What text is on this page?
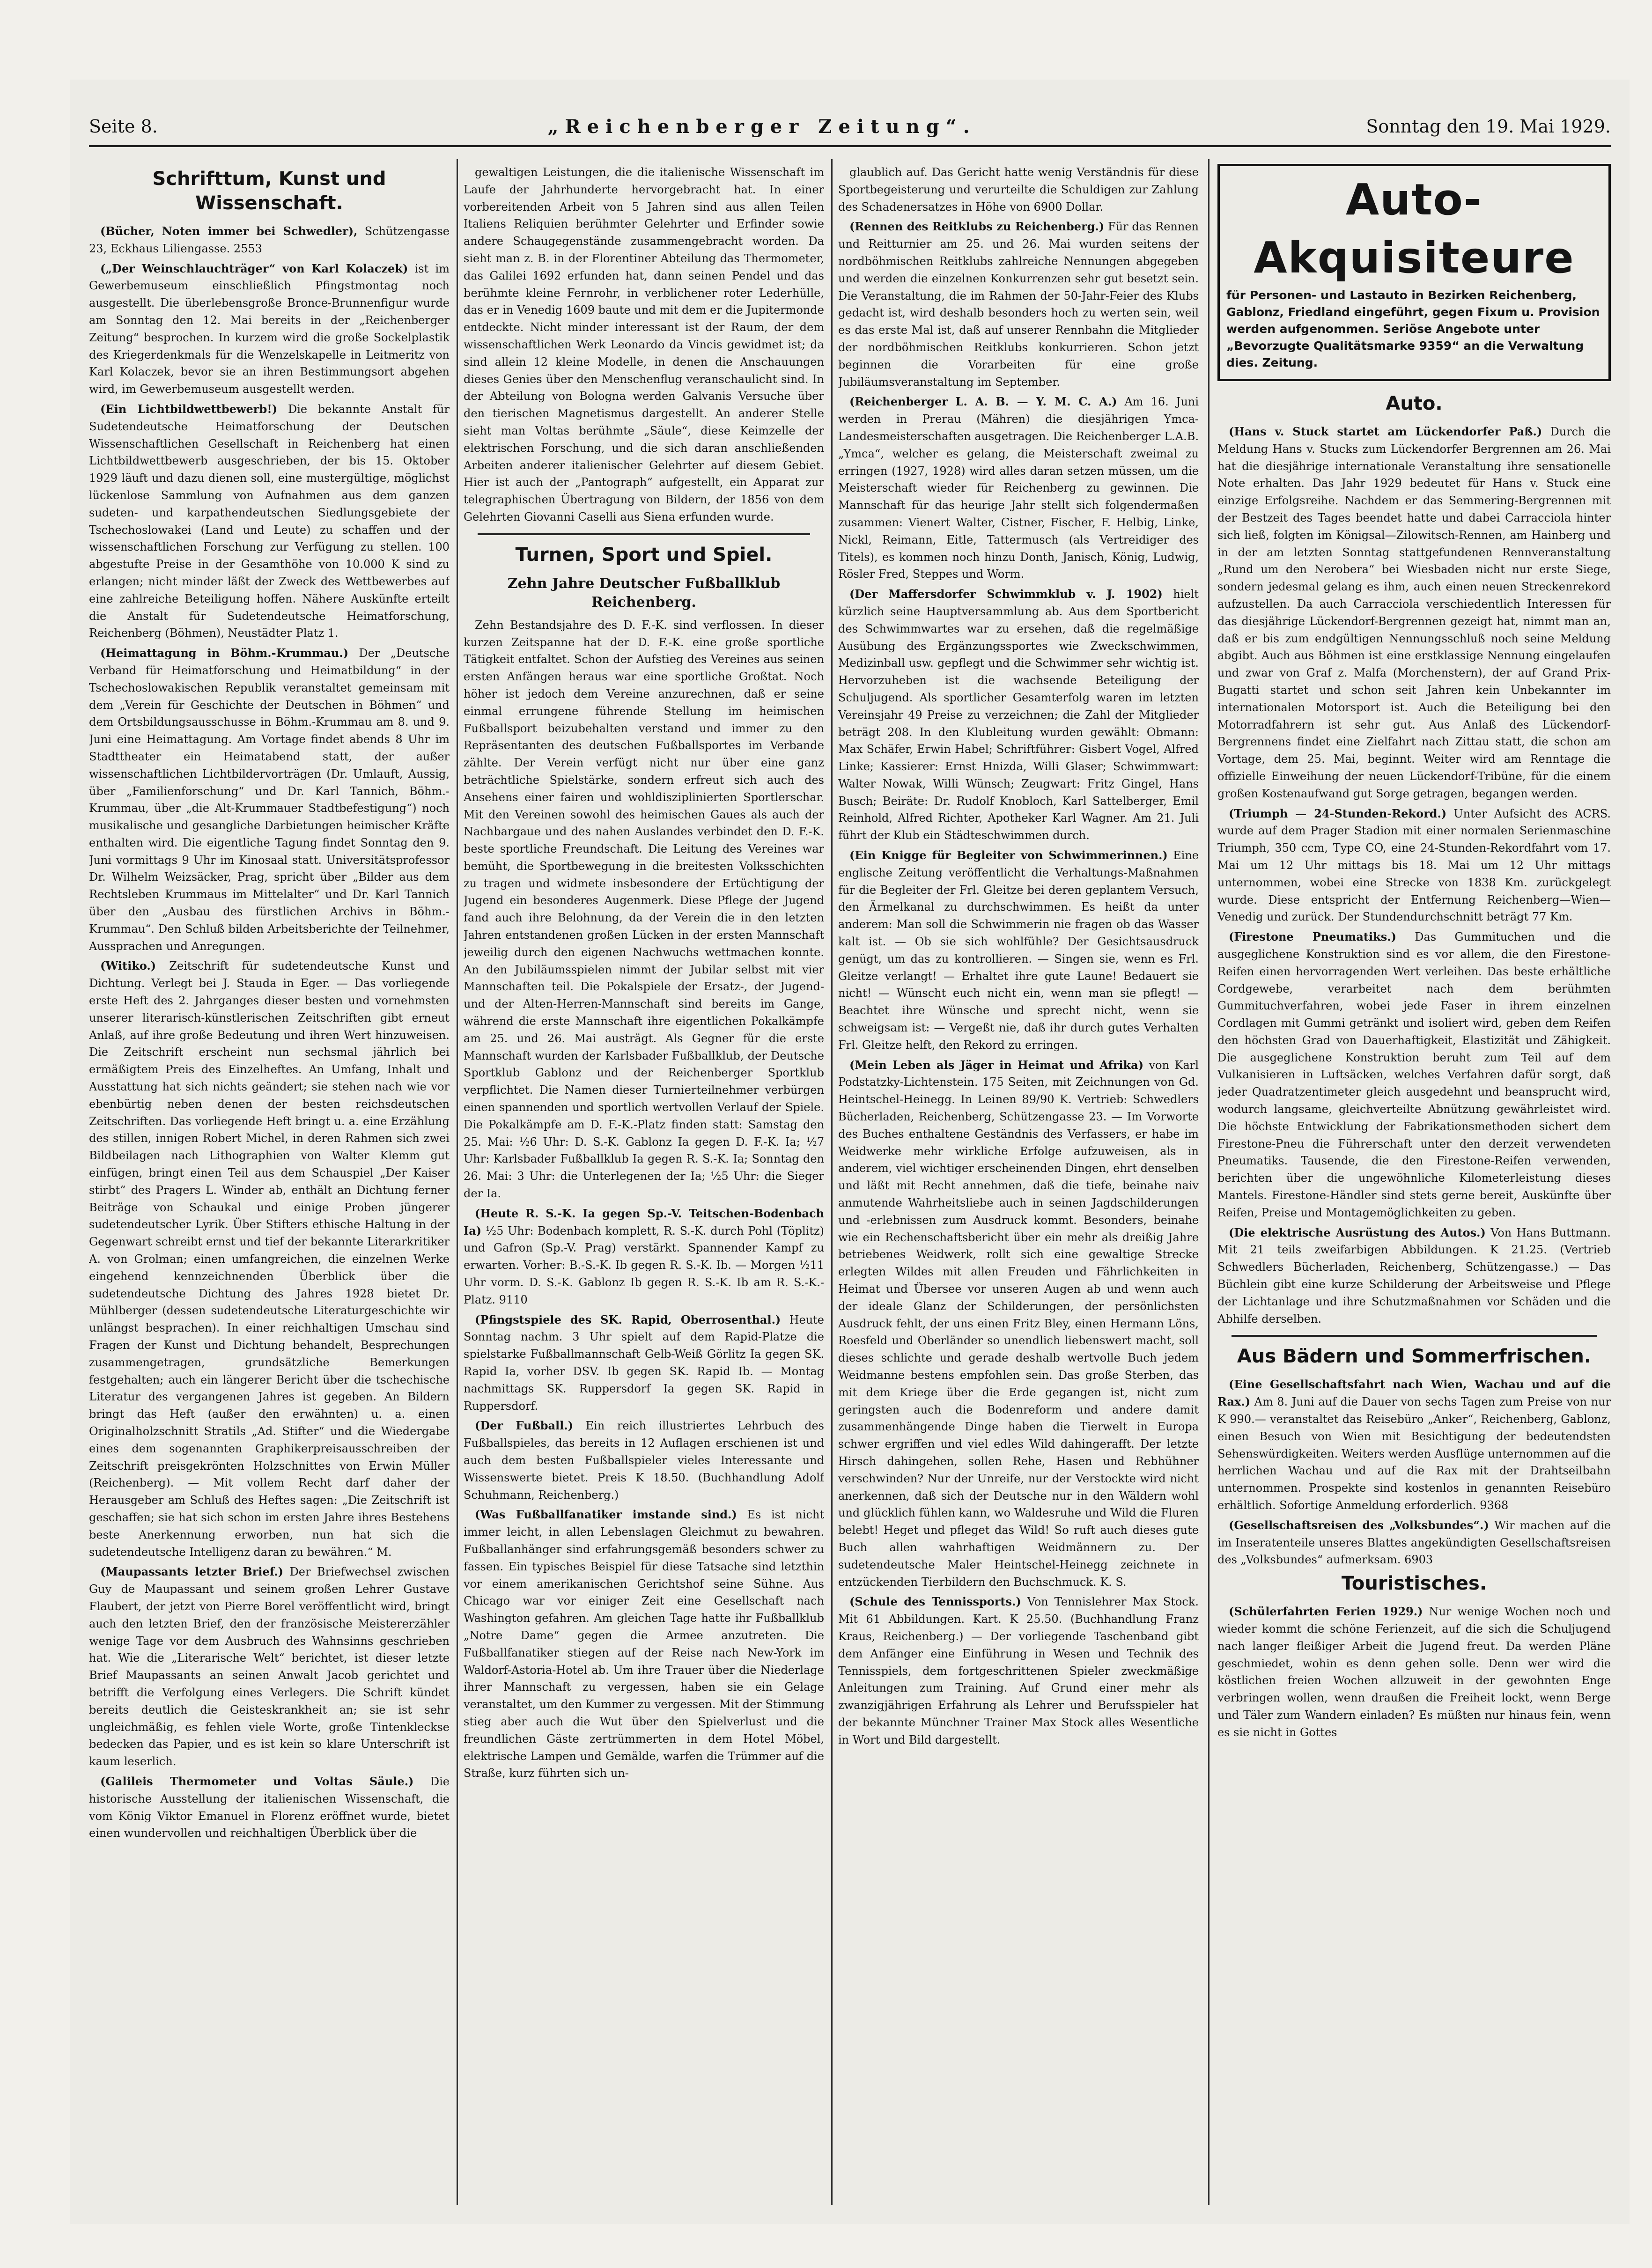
Seite 8.	„Reichenberger Zeitung“.	Sonntag den 19. Mai 1929.
Schrifttum, Kunst und Wissenschaft.

(Bücher, Noten immer bei Schwedler), Schützengasse 23, Eckhaus Liliengasse. 2553

(„Der Weinschlauchträger“ von Karl Kolaczek) ist im Gewerbemuseum einschließlich Pfingstmontag noch ausgestellt. Die überlebensgroße Bronce-Brunnenfigur wurde am Sonntag den 12. Mai bereits in der „Reichenberger Zeitung“ besprochen. In kurzem wird die große Sockelplastik des Kriegerdenkmals für die Wenzelskapelle in Leitmeritz von Karl Kolaczek, bevor sie an ihren Bestimmungsort abgehen wird, im Gewerbemuseum ausgestellt werden.

(Ein Lichtbildwettbewerb!) Die bekannte Anstalt für Sudetendeutsche Heimatforschung der Deutschen Wissenschaftlichen Gesellschaft in Reichenberg hat einen Lichtbildwettbewerb ausgeschrieben, der bis 15. Oktober 1929 läuft und dazu dienen soll, eine mustergültige, möglichst lückenlose Sammlung von Aufnahmen aus dem ganzen sudeten- und karpathendeutschen Siedlungsgebiete der Tschechoslowakei (Land und Leute) zu schaffen und der wissenschaftlichen Forschung zur Verfügung zu stellen. 100 abgestufte Preise in der Gesamthöhe von 10.000 K sind zu erlangen; nicht minder läßt der Zweck des Wettbewerbes auf eine zahlreiche Beteiligung hoffen. Nähere Auskünfte erteilt die Anstalt für Sudetendeutsche Heimatforschung, Reichenberg (Böhmen), Neustädter Platz 1.

(Heimattagung in Böhm.-Krummau.) Der „Deutsche Verband für Heimatforschung und Heimatbildung“ in der Tschechoslowakischen Republik veranstaltet gemeinsam mit dem „Verein für Geschichte der Deutschen in Böhmen“ und dem Ortsbildungsausschusse in Böhm.-Krummau am 8. und 9. Juni eine Heimattagung. Am Vortage findet abends 8 Uhr im Stadttheater ein Heimatabend statt, der außer wissenschaftlichen Lichtbildervorträgen (Dr. Umlauft, Aussig, über „Familienforschung“ und Dr. Karl Tannich, Böhm.-Krummau, über „die Alt-Krummauer Stadtbefestigung“) noch musikalische und gesangliche Darbietungen heimischer Kräfte enthalten wird. Die eigentliche Tagung findet Sonntag den 9. Juni vormittags 9 Uhr im Kinosaal statt. Universitätsprofessor Dr. Wilhelm Weizsäcker, Prag, spricht über „Bilder aus dem Rechtsleben Krummaus im Mittelalter“ und Dr. Karl Tannich über den „Ausbau des fürstlichen Archivs in Böhm.-Krummau“. Den Schluß bilden Arbeitsberichte der Teilnehmer, Aussprachen und Anregungen.

(Witiko.) Zeitschrift für sudetendeutsche Kunst und Dichtung. Verlegt bei J. Stauda in Eger. — Das vorliegende erste Heft des 2. Jahrganges dieser besten und vornehmsten unserer literarisch-künstlerischen Zeitschriften gibt erneut Anlaß, auf ihre große Bedeutung und ihren Wert hinzuweisen. Die Zeitschrift erscheint nun sechsmal jährlich bei ermäßigtem Preis des Einzelheftes. An Umfang, Inhalt und Ausstattung hat sich nichts geändert; sie stehen nach wie vor ebenbürtig neben denen der besten reichsdeutschen Zeitschriften. Das vorliegende Heft bringt u. a. eine Erzählung des stillen, innigen Robert Michel, in deren Rahmen sich zwei Bildbeilagen nach Lithographien von Walter Klemm gut einfügen, bringt einen Teil aus dem Schauspiel „Der Kaiser stirbt“ des Pragers L. Winder ab, enthält an Dichtung ferner Beiträge von Schaukal und einige Proben jüngerer sudetendeutscher Lyrik. Über Stifters ethische Haltung in der Gegenwart schreibt ernst und tief der bekannte Literarkritiker A. von Grolman; einen umfangreichen, die einzelnen Werke eingehend kennzeichnenden Überblick über die sudetendeutsche Dichtung des Jahres 1928 bietet Dr. Mühlberger (dessen sudetendeutsche Literaturgeschichte wir unlängst besprachen). In einer reichhaltigen Umschau sind Fragen der Kunst und Dichtung behandelt, Besprechungen zusammengetragen, grundsätzliche Bemerkungen festgehalten; auch ein längerer Bericht über die tschechische Literatur des vergangenen Jahres ist gegeben. An Bildern bringt das Heft (außer den erwähnten) u. a. einen Originalholzschnitt Stratils „Ad. Stifter“ und die Wiedergabe eines dem sogenannten Graphikerpreisausschreiben der Zeitschrift preisgekrönten Holzschnittes von Erwin Müller (Reichenberg). — Mit vollem Recht darf daher der Herausgeber am Schluß des Heftes sagen: „Die Zeitschrift ist geschaffen; sie hat sich schon im ersten Jahre ihres Bestehens beste Anerkennung erworben, nun hat sich die sudetendeutsche Intelligenz daran zu bewähren.“ M.

(Maupassants letzter Brief.) Der Briefwechsel zwischen Guy de Maupassant und seinem großen Lehrer Gustave Flaubert, der jetzt von Pierre Borel veröffentlicht wird, bringt auch den letzten Brief, den der französische Meistererzähler wenige Tage vor dem Ausbruch des Wahnsinns geschrieben hat. Wie die „Literarische Welt“ berichtet, ist dieser letzte Brief Maupassants an seinen Anwalt Jacob gerichtet und betrifft die Verfolgung eines Verlegers. Die Schrift kündet bereits deutlich die Geisteskrankheit an; sie ist sehr ungleichmäßig, es fehlen viele Worte, große Tintenkleckse bedecken das Papier, und es ist kein so klare Unterschrift ist kaum leserlich.

(Galileis Thermometer und Voltas Säule.) Die historische Ausstellung der italienischen Wissenschaft, die vom König Viktor Emanuel in Florenz eröffnet wurde, bietet einen wundervollen und reichhaltigen Überblick über die

gewaltigen Leistungen, die die italienische Wissenschaft im Laufe der Jahrhunderte hervorgebracht hat. In einer vorbereitenden Arbeit von 5 Jahren sind aus allen Teilen Italiens Reliquien berühmter Gelehrter und Erfinder sowie andere Schaugegenstände zusammengebracht worden. Da sieht man z. B. in der Florentiner Abteilung das Thermometer, das Galilei 1692 erfunden hat, dann seinen Pendel und das berühmte kleine Fernrohr, in verblichener roter Lederhülle, das er in Venedig 1609 baute und mit dem er die Jupitermonde entdeckte. Nicht minder interessant ist der Raum, der dem wissenschaftlichen Werk Leonardo da Vincis gewidmet ist; da sind allein 12 kleine Modelle, in denen die Anschauungen dieses Genies über den Menschenflug veranschaulicht sind. In der Abteilung von Bologna werden Galvanis Versuche über den tierischen Magnetismus dargestellt. An anderer Stelle sieht man Voltas berühmte „Säule“, diese Keimzelle der elektrischen Forschung, und die sich daran anschließenden Arbeiten anderer italienischer Gelehrter auf diesem Gebiet. Hier ist auch der „Pantograph“ aufgestellt, ein Apparat zur telegraphischen Übertragung von Bildern, der 1856 von dem Gelehrten Giovanni Caselli aus Siena erfunden wurde.

Turnen, Sport und Spiel.
Zehn Jahre Deutscher Fußballklub Reichenberg.

Zehn Bestandsjahre des D. F.-K. sind verflossen. In dieser kurzen Zeitspanne hat der D. F.-K. eine große sportliche Tätigkeit entfaltet. Schon der Aufstieg des Vereines aus seinen ersten Anfängen heraus war eine sportliche Großtat. Noch höher ist jedoch dem Vereine anzurechnen, daß er seine einmal errungene führende Stellung im heimischen Fußballsport beizubehalten verstand und immer zu den Repräsentanten des deutschen Fußballsportes im Verbande zählte. Der Verein verfügt nicht nur über eine ganz beträchtliche Spielstärke, sondern erfreut sich auch des Ansehens einer fairen und wohldisziplinierten Sportlerschar. Mit den Vereinen sowohl des heimischen Gaues als auch der Nachbargaue und des nahen Auslandes verbindet den D. F.-K. beste sportliche Freundschaft. Die Leitung des Vereines war bemüht, die Sportbewegung in die breitesten Volksschichten zu tragen und widmete insbesondere der Ertüchtigung der Jugend ein besonderes Augenmerk. Diese Pflege der Jugend fand auch ihre Belohnung, da der Verein die in den letzten Jahren entstandenen großen Lücken in der ersten Mannschaft jeweilig durch den eigenen Nachwuchs wettmachen konnte. An den Jubiläumsspielen nimmt der Jubilar selbst mit vier Mannschaften teil. Die Pokalspiele der Ersatz-, der Jugend- und der Alten-Herren-Mannschaft sind bereits im Gange, während die erste Mannschaft ihre eigentlichen Pokalkämpfe am 25. und 26. Mai austrägt. Als Gegner für die erste Mannschaft wurden der Karlsbader Fußballklub, der Deutsche Sportklub Gablonz und der Reichenberger Sportklub verpflichtet. Die Namen dieser Turnierteilnehmer verbürgen einen spannenden und sportlich wertvollen Verlauf der Spiele. Die Pokalkämpfe am D. F.-K.-Platz finden statt: Samstag den 25. Mai: ½6 Uhr: D. S.-K. Gablonz Ia gegen D. F.-K. Ia; ½7 Uhr: Karlsbader Fußballklub Ia gegen R. S.-K. Ia; Sonntag den 26. Mai: 3 Uhr: die Unterlegenen der Ia; ½5 Uhr: die Sieger der Ia.

(Heute R. S.-K. Ia gegen Sp.-V. Teitschen-Bodenbach Ia) ½5 Uhr: Bodenbach komplett, R. S.-K. durch Pohl (Töplitz) und Gafron (Sp.-V. Prag) verstärkt. Spannender Kampf zu erwarten. Vorher: B.-S.-K. Ib gegen R. S.-K. Ib. — Morgen ½11 Uhr vorm. D. S.-K. Gablonz Ib gegen R. S.-K. Ib am R. S.-K.-Platz. 9110

(Pfingstspiele des SK. Rapid, Oberrosenthal.) Heute Sonntag nachm. 3 Uhr spielt auf dem Rapid-Platze die spielstarke Fußballmannschaft Gelb-Weiß Görlitz Ia gegen SK. Rapid Ia, vorher DSV. Ib gegen SK. Rapid Ib. — Montag nachmittags SK. Ruppersdorf Ia gegen SK. Rapid in Ruppersdorf.

(Der Fußball.) Ein reich illustriertes Lehrbuch des Fußballspieles, das bereits in 12 Auflagen erschienen ist und auch dem besten Fußballspieler vieles Interessante und Wissenswerte bietet. Preis K 18.50. (Buchhandlung Adolf Schuhmann, Reichenberg.)

(Was Fußballfanatiker imstande sind.) Es ist nicht immer leicht, in allen Lebenslagen Gleichmut zu bewahren. Fußballanhänger sind erfahrungsgemäß besonders schwer zu fassen. Ein typisches Beispiel für diese Tatsache sind letzthin vor einem amerikanischen Gerichtshof seine Sühne. Aus Chicago war vor einiger Zeit eine Gesellschaft nach Washington gefahren. Am gleichen Tage hatte ihr Fußballklub „Notre Dame“ gegen die Armee anzutreten. Die Fußballfanatiker stiegen auf der Reise nach New-York im Waldorf-Astoria-Hotel ab. Um ihre Trauer über die Niederlage ihrer Mannschaft zu vergessen, haben sie ein Gelage veranstaltet, um den Kummer zu vergessen. Mit der Stimmung stieg aber auch die Wut über den Spielverlust und die freundlichen Gäste zertrümmerten in dem Hotel Möbel, elektrische Lampen und Gemälde, warfen die Trümmer auf die Straße, kurz führten sich un-

glaublich auf. Das Gericht hatte wenig Verständnis für diese Sportbegeisterung und verurteilte die Schuldigen zur Zahlung des Schadenersatzes in Höhe von 6900 Dollar.

(Rennen des Reitklubs zu Reichenberg.) Für das Rennen und Reitturnier am 25. und 26. Mai wurden seitens der nordböhmischen Reitklubs zahlreiche Nennungen abgegeben und werden die einzelnen Konkurrenzen sehr gut besetzt sein. Die Veranstaltung, die im Rahmen der 50-Jahr-Feier des Klubs gedacht ist, wird deshalb besonders hoch zu werten sein, weil es das erste Mal ist, daß auf unserer Rennbahn die Mitglieder der nordböhmischen Reitklubs konkurrieren. Schon jetzt beginnen die Vorarbeiten für eine große Jubiläumsveranstaltung im September.

(Reichenberger L. A. B. — Y. M. C. A.) Am 16. Juni werden in Prerau (Mähren) die diesjährigen Ymca-Landesmeisterschaften ausgetragen. Die Reichenberger L.A.B. „Ymca“, welcher es gelang, die Meisterschaft zweimal zu erringen (1927, 1928) wird alles daran setzen müssen, um die Meisterschaft wieder für Reichenberg zu gewinnen. Die Mannschaft für das heurige Jahr stellt sich folgendermaßen zusammen: Vienert Walter, Cistner, Fischer, F. Helbig, Linke, Nickl, Reimann, Eitle, Tattermusch (als Vertreidiger des Titels), es kommen noch hinzu Donth, Janisch, König, Ludwig, Rösler Fred, Steppes und Worm.

(Der Maffersdorfer Schwimmklub v. J. 1902) hielt kürzlich seine Hauptversammlung ab. Aus dem Sportbericht des Schwimmwartes war zu ersehen, daß die regelmäßige Ausübung des Ergänzungssportes wie Zweckschwimmen, Medizinball usw. gepflegt und die Schwimmer sehr wichtig ist. Hervorzuheben ist die wachsende Beteiligung der Schuljugend. Als sportlicher Gesamterfolg waren im letzten Vereinsjahr 49 Preise zu verzeichnen; die Zahl der Mitglieder beträgt 208. In den Klubleitung wurden gewählt: Obmann: Max Schäfer, Erwin Habel; Schriftführer: Gisbert Vogel, Alfred Linke; Kassierer: Ernst Hnizda, Willi Glaser; Schwimmwart: Walter Nowak, Willi Wünsch; Zeugwart: Fritz Gingel, Hans Busch; Beiräte: Dr. Rudolf Knobloch, Karl Sattelberger, Emil Reinhold, Alfred Richter, Apotheker Karl Wagner. Am 21. Juli führt der Klub ein Städteschwimmen durch.

(Ein Knigge für Begleiter von Schwimmerinnen.) Eine englische Zeitung veröffentlicht die Verhaltungs-Maßnahmen für die Begleiter der Frl. Gleitze bei deren geplantem Versuch, den Ärmelkanal zu durchschwimmen. Es heißt da unter anderem: Man soll die Schwimmerin nie fragen ob das Wasser kalt ist. — Ob sie sich wohlfühle? Der Gesichtsausdruck genügt, um das zu kontrollieren. — Singen sie, wenn es Frl. Gleitze verlangt! — Erhaltet ihre gute Laune! Bedauert sie nicht! — Wünscht euch nicht ein, wenn man sie pflegt! — Beachtet ihre Wünsche und sprecht nicht, wenn sie schweigsam ist: — Vergeßt nie, daß ihr durch gutes Verhalten Frl. Gleitze helft, den Rekord zu erringen.

(Mein Leben als Jäger in Heimat und Afrika) von Karl Podstatzky-Lichtenstein. 175 Seiten, mit Zeichnungen von Gd. Heintschel-Heinegg. In Leinen 89/90 K. Vertrieb: Schwedlers Bücherladen, Reichenberg, Schützengasse 23. — Im Vorworte des Buches enthaltene Geständnis des Verfassers, er habe im Weidwerke mehr wirkliche Erfolge aufzuweisen, als in anderem, viel wichtiger erscheinenden Dingen, ehrt denselben und läßt mit Recht annehmen, daß die tiefe, beinahe naiv anmutende Wahrheitsliebe auch in seinen Jagdschilderungen und -erlebnissen zum Ausdruck kommt. Besonders, beinahe wie ein Rechenschaftsbericht über ein mehr als dreißig Jahre betriebenes Weidwerk, rollt sich eine gewaltige Strecke erlegten Wildes mit allen Freuden und Fährlichkeiten in Heimat und Übersee vor unseren Augen ab und wenn auch der ideale Glanz der Schilderungen, der persönlichsten Ausdruck fehlt, der uns einen Fritz Bley, einen Hermann Löns, Roesfeld und Oberländer so unendlich liebenswert macht, soll dieses schlichte und gerade deshalb wertvolle Buch jedem Weidmanne bestens empfohlen sein. Das große Sterben, das mit dem Kriege über die Erde gegangen ist, nicht zum geringsten auch die Bodenreform und andere damit zusammenhängende Dinge haben die Tierwelt in Europa schwer ergriffen und viel edles Wild dahingerafft. Der letzte Hirsch dahingehen, sollen Rehe, Hasen und Rebhühner verschwinden? Nur der Unreife, nur der Verstockte wird nicht anerkennen, daß sich der Deutsche nur in den Wäldern wohl und glücklich fühlen kann, wo Waldesruhe und Wild die Fluren belebt! Heget und pfleget das Wild! So ruft auch dieses gute Buch allen wahrhaftigen Weidmännern zu. Der sudetendeutsche Maler Heintschel-Heinegg zeichnete in entzückenden Tierbildern den Buchschmuck. K. S.

(Schule des Tennissports.) Von Tennislehrer Max Stock. Mit 61 Abbildungen. Kart. K 25.50. (Buchhandlung Franz Kraus, Reichenberg.) — Der vorliegende Taschenband gibt dem Anfänger eine Einführung in Wesen und Technik des Tennisspiels, dem fortgeschrittenen Spieler zweckmäßige Anleitungen zum Training. Auf Grund einer mehr als zwanzigjährigen Erfahrung als Lehrer und Berufsspieler hat der bekannte Münchner Trainer Max Stock alles Wesentliche in Wort und Bild dargestellt.

Auto-Akquisiteure
für Personen- und Lastauto in Bezirken Reichenberg, Gablonz, Friedland eingeführt, gegen Fixum u. Provision werden aufgenommen. Seriöse Angebote unter „Bevorzugte Qualitätsmarke 9359“ an die Verwaltung dies. Zeitung.
Auto.

(Hans v. Stuck startet am Lückendorfer Paß.) Durch die Meldung Hans v. Stucks zum Lückendorfer Bergrennen am 26. Mai hat die diesjährige internationale Veranstaltung ihre sensationelle Note erhalten. Das Jahr 1929 bedeutet für Hans v. Stuck eine einzige Erfolgsreihe. Nachdem er das Semmering-Bergrennen mit der Bestzeit des Tages beendet hatte und dabei Carracciola hinter sich ließ, folgten im Königsal—Zilowitsch-Rennen, am Hainberg und in der am letzten Sonntag stattgefundenen Rennveranstaltung „Rund um den Nerobera“ bei Wiesbaden nicht nur erste Siege, sondern jedesmal gelang es ihm, auch einen neuen Streckenrekord aufzustellen. Da auch Carracciola verschiedentlich Interessen für das diesjährige Lückendorf-Bergrennen gezeigt hat, nimmt man an, daß er bis zum endgültigen Nennungsschluß noch seine Meldung abgibt. Auch aus Böhmen ist eine erstklassige Nennung eingelaufen und zwar von Graf z. Malfa (Morchenstern), der auf Grand Prix-Bugatti startet und schon seit Jahren kein Unbekannter im internationalen Motorsport ist. Auch die Beteiligung bei den Motorradfahrern ist sehr gut. Aus Anlaß des Lückendorf-Bergrennens findet eine Zielfahrt nach Zittau statt, die schon am Vortage, dem 25. Mai, beginnt. Weiter wird am Renntage die offizielle Einweihung der neuen Lückendorf-Tribüne, für die einem großen Kostenaufwand gut Sorge getragen, begangen werden.

(Triumph — 24-Stunden-Rekord.) Unter Aufsicht des ACRS. wurde auf dem Prager Stadion mit einer normalen Serienmaschine Triumph, 350 ccm, Type CO, eine 24-Stunden-Rekordfahrt vom 17. Mai um 12 Uhr mittags bis 18. Mai um 12 Uhr mittags unternommen, wobei eine Strecke von 1838 Km. zurückgelegt wurde. Diese entspricht der Entfernung Reichenberg—Wien—Venedig und zurück. Der Stundendurchschnitt beträgt 77 Km.

(Firestone Pneumatiks.) Das Gummituchen und die ausgeglichene Konstruktion sind es vor allem, die den Firestone-Reifen einen hervorragenden Wert verleihen. Das beste erhältliche Cordgewebe, verarbeitet nach dem berühmten Gummituchverfahren, wobei jede Faser in ihrem einzelnen Cordlagen mit Gummi getränkt und isoliert wird, geben dem Reifen den höchsten Grad von Dauerhaftigkeit, Elastizität und Zähigkeit. Die ausgeglichene Konstruktion beruht zum Teil auf dem Vulkanisieren in Luftsäcken, welches Verfahren dafür sorgt, daß jeder Quadratzentimeter gleich ausgedehnt und beansprucht wird, wodurch langsame, gleichverteilte Abnützung gewährleistet wird. Die höchste Entwicklung der Fabrikationsmethoden sichert dem Firestone-Pneu die Führerschaft unter den derzeit verwendeten Pneumatiks. Tausende, die den Firestone-Reifen verwenden, berichten über die ungewöhnliche Kilometerleistung dieses Mantels. Firestone-Händler sind stets gerne bereit, Auskünfte über Reifen, Preise und Montagemöglichkeiten zu geben.

(Die elektrische Ausrüstung des Autos.) Von Hans Buttmann. Mit 21 teils zweifarbigen Abbildungen. K 21.25. (Vertrieb Schwedlers Bücherladen, Reichenberg, Schützengasse.) — Das Büchlein gibt eine kurze Schilderung der Arbeitsweise und Pflege der Lichtanlage und ihre Schutzmaßnahmen vor Schäden und die Abhilfe derselben.

Aus Bädern und Sommerfrischen.

(Eine Gesellschaftsfahrt nach Wien, Wachau und auf die Rax.) Am 8. Juni auf die Dauer von sechs Tagen zum Preise von nur K 990.— veranstaltet das Reisebüro „Anker“, Reichenberg, Gablonz, einen Besuch von Wien mit Besichtigung der bedeutendsten Sehenswürdigkeiten. Weiters werden Ausflüge unternommen auf die herrlichen Wachau und auf die Rax mit der Drahtseilbahn unternommen. Prospekte sind kostenlos in genannten Reisebüro erhältlich. Sofortige Anmeldung erforderlich. 9368

(Gesellschaftsreisen des „Volksbundes“.) Wir machen auf die im Inseratenteile unseres Blattes angekündigten Gesellschaftsreisen des „Volksbundes“ aufmerksam. 6903

Touristisches.

(Schülerfahrten Ferien 1929.) Nur wenige Wochen noch und wieder kommt die schöne Ferienzeit, auf die sich die Schuljugend nach langer fleißiger Arbeit die Jugend freut. Da werden Pläne geschmiedet, wohin es denn gehen solle. Denn wer wird die köstlichen freien Wochen allzuweit in der gewohnten Enge verbringen wollen, wenn draußen die Freiheit lockt, wenn Berge und Täler zum Wandern einladen? Es müßten nur hinaus fein, wenn es sie nicht in Gottes
